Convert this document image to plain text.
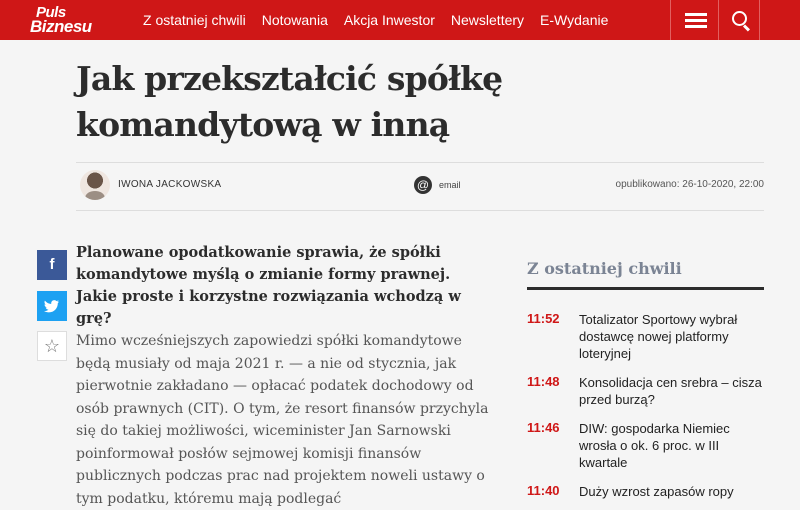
Puls
Biznesu	Z ostatniej chwili Notowania Akcja Inwestor Newslettery E-Wydanie
Jak przekształcić spółkę komandytową w inną
IWONA JACKOWSKA	@	email	opublikowano: 26-10-2020, 22:00
f
☆

Planowane opodatkowanie sprawia, że spółki komandytowe myślą o zmianie formy prawnej. Jakie proste i korzystne rozwiązania wchodzą w grę?

Mimo wcześniejszych zapowiedzi spółki komandytowe będą musiały od maja 2021 r. — a nie od stycznia, jak pierwotnie zakładano — opłacać podatek dochodowy od osób prawnych (CIT). O tym, że resort finansów przychyla się do takiej możliwości, wiceminister Jan Sarnowski poinformował posłów sejmowej komisji finansów publicznych podczas prac nad projektem noweli ustawy o tym podatku, któremu mają podlegać

Z ostatniej chwili
11:52 Totalizator Sportowy wybrał dostawcę nowej platformy loteryjnej
11:48 Konsolidacja cen srebra – cisza przed burzą?
11:46 DIW: gospodarka Niemiec wrosła o ok. 6 proc. w III kwartale
11:40 Duży wzrost zapasów ropy
